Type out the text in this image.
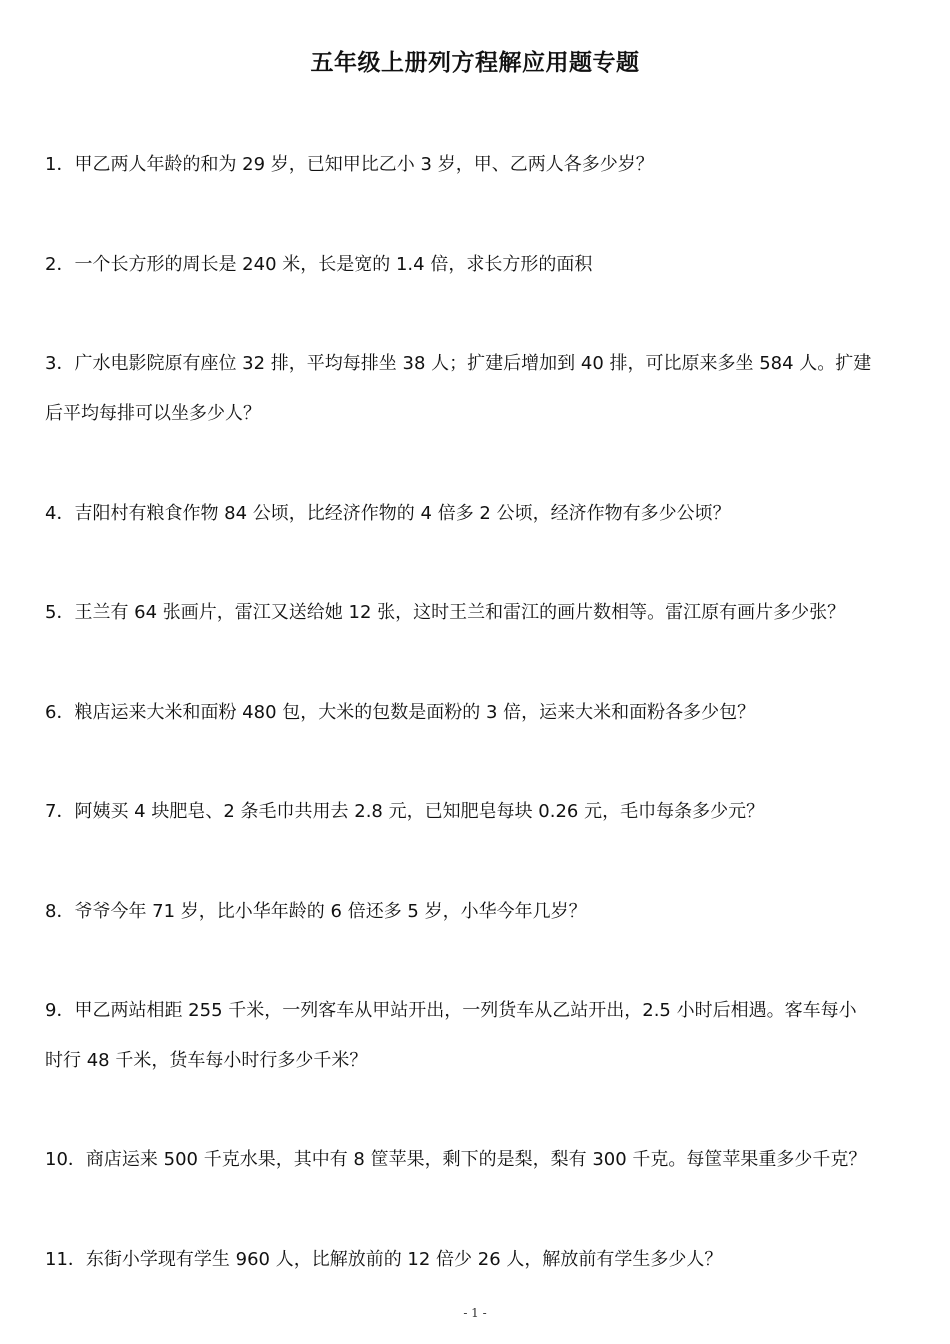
五年级上册列方程解应用题专题
1．甲乙两人年龄的和为 29 岁，已知甲比乙小 3 岁，甲、乙两人各多少岁？
2．一个长方形的周长是 240 米，长是宽的 1.4 倍，求长方形的面积
3．广水电影院原有座位 32 排，平均每排坐 38 人；扩建后增加到 40 排，可比原来多坐 584 人。扩建
后平均每排可以坐多少人？
4．吉阳村有粮食作物 84 公顷，比经济作物的 4 倍多 2 公顷，经济作物有多少公顷？
5．王兰有 64 张画片，雷江又送给她 12 张，这时王兰和雷江的画片数相等。雷江原有画片多少张？
6．粮店运来大米和面粉 480 包，大米的包数是面粉的 3 倍，运来大米和面粉各多少包？
7．阿姨买 4 块肥皂、2 条毛巾共用去 2.8 元，已知肥皂每块 0.26 元，毛巾每条多少元？
8．爷爷今年 71 岁，比小华年龄的 6 倍还多 5 岁，小华今年几岁？
9．甲乙两站相距 255 千米，一列客车从甲站开出，一列货车从乙站开出，2.5 小时后相遇。客车每小
时行 48 千米，货车每小时行多少千米？
10．商店运来 500 千克水果，其中有 8 筐苹果，剩下的是梨，梨有 300 千克。每筐苹果重多少千克？
11．东街小学现有学生 960 人，比解放前的 12 倍少 26 人，解放前有学生多少人？
- 1 -
